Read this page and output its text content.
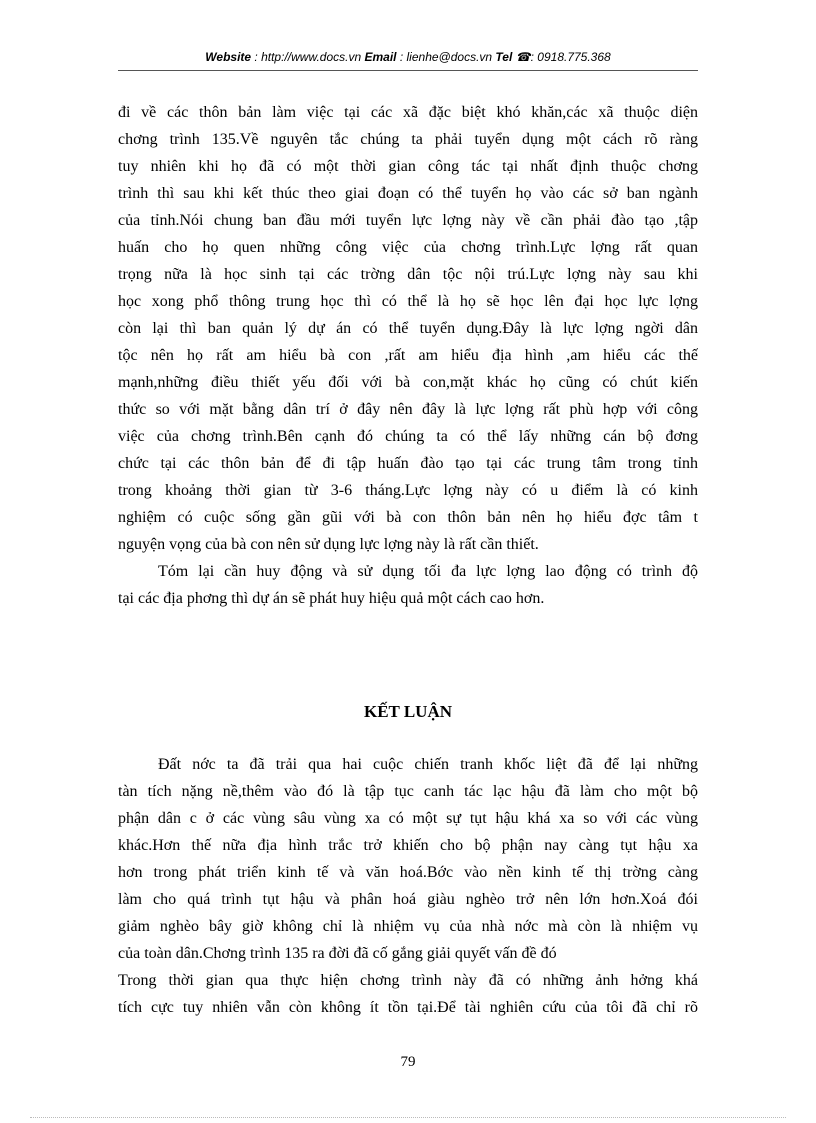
Website : http://www.docs.vn Email : lienhe@docs.vn Tel ☎: 0918.775.368
đi về các thôn bản làm việc tại các xã đặc biệt khó khăn,các xã thuộc diện
chơng trình 135.Về nguyên tắc chúng ta phải tuyển dụng một cách rõ ràng
tuy nhiên khi họ đã có một thời gian công tác tại nhất định thuộc chơng
trình thì sau khi kết thúc theo giai đoạn có thể tuyển họ vào các sở ban ngành
của tỉnh.Nói chung ban đầu mới tuyển lực lợng này về cần phải đào tạo ,tập
huấn cho họ quen những công việc của chơng trình.Lực lợng rất quan
trọng nữa là học sinh tại các trờng dân tộc nội trú.Lực lợng này sau khi
học xong phổ thông trung học thì có thể là họ sẽ học lên đại học lực lợng
còn lại thì ban quản lý dự án có thể tuyển dụng.Đây là lực lợng ngời dân
tộc nên họ rất am hiểu bà con ,rất am hiểu địa hình ,am hiểu các thế
mạnh,những điều thiết yếu đối với bà con,mặt khác họ cũng có chút kiến
thức so với mặt bằng dân trí ở đây nên đây là lực lợng rất phù hợp với công
việc của chơng trình.Bên cạnh đó chúng ta có thể lấy những cán bộ đơng
chức tại các thôn bản để đi tập huấn đào tạo tại các trung tâm trong tỉnh
trong khoảng thời gian từ 3-6 tháng.Lực lợng này có u điểm là có kinh
nghiệm có cuộc sống gần gũi với bà con thôn bản nên họ hiểu đợc tâm t
nguyện vọng của bà con nên sử dụng lực lợng này là rất cần thiết.
Tóm lại cần huy động và sử dụng tối đa lực lợng lao động có trình độ
tại các địa phơng thì dự án sẽ phát huy hiệu quả một cách cao hơn.
KẾT LUẬN
Đất nớc ta đã trải qua hai cuộc chiến tranh khốc liệt đã để lại những
tàn tích nặng nề,thêm vào đó là tập tục canh tác lạc hậu đã làm cho một bộ
phận dân c ở các vùng sâu vùng xa có một sự tụt hậu khá xa so với các vùng
khác.Hơn thế nữa địa hình trắc trở khiến cho bộ phận nay càng tụt hậu xa
hơn trong phát triển kinh tế và văn hoá.Bớc vào nền kinh tế thị trờng càng
làm cho quá trình tụt hậu và phân hoá giàu nghèo trở nên lớn hơn.Xoá đói
giảm nghèo bây giờ không chỉ là nhiệm vụ của nhà nớc mà còn là nhiệm vụ
của toàn dân.Chơng trình 135 ra đời đã cố gắng giải quyết vấn đề đó
Trong thời gian qua thực hiện chơng trình này đã có những ảnh hởng khá
tích cực tuy nhiên vẫn còn không ít tồn tại.Để tài nghiên cứu của tôi đã chỉ rõ
79
